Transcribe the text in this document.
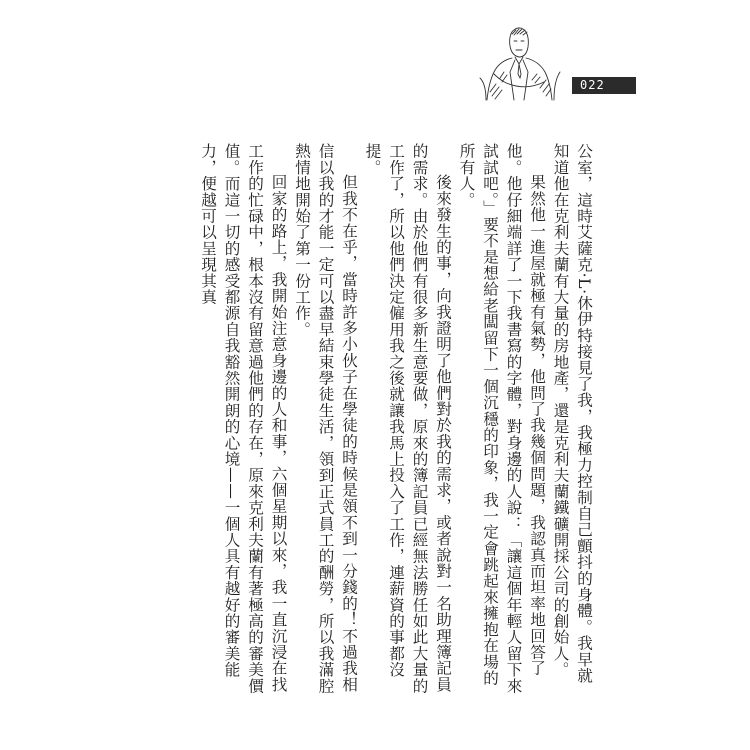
022

公室，這時艾薩克·L·休伊特接見了我，我極力控制自己顫抖的身體。我早就知道他在克利夫蘭有大量的房地產，還是克利夫蘭鐵礦開採公司的創始人。

果然他一進屋就極有氣勢，他問了我幾個問題，我認真而坦率地回答了他。他仔細端詳了一下我書寫的字體，對身邊的人說：「讓這個年輕人留下來試試吧。」要不是想給老闆留下一個沉穩的印象，我一定會跳起來擁抱在場的所有人。

後來發生的事，向我證明了他們對於我的需求，或者說對一名助理簿記員的需求。由於他們有很多新生意要做，原來的簿記員已經無法勝任如此大量的工作了，所以他們決定僱用我之後就讓我馬上投入了工作，連薪資的事都沒提。

但我不在乎，當時許多小伙子在學徒的時候是領不到一分錢的！不過我相信以我的才能一定可以盡早結束學徒生活，領到正式員工的酬勞，所以我滿腔熱情地開始了第一份工作。

回家的路上，我開始注意身邊的人和事，六個星期以來，我一直沉浸在找工作的忙碌中，根本沒有留意過他們的存在，原來克利夫蘭有著極高的審美價值。而這一切的感受都源自我豁然開朗的心境——一個人具有越好的審美能力，便越可以呈現其真
